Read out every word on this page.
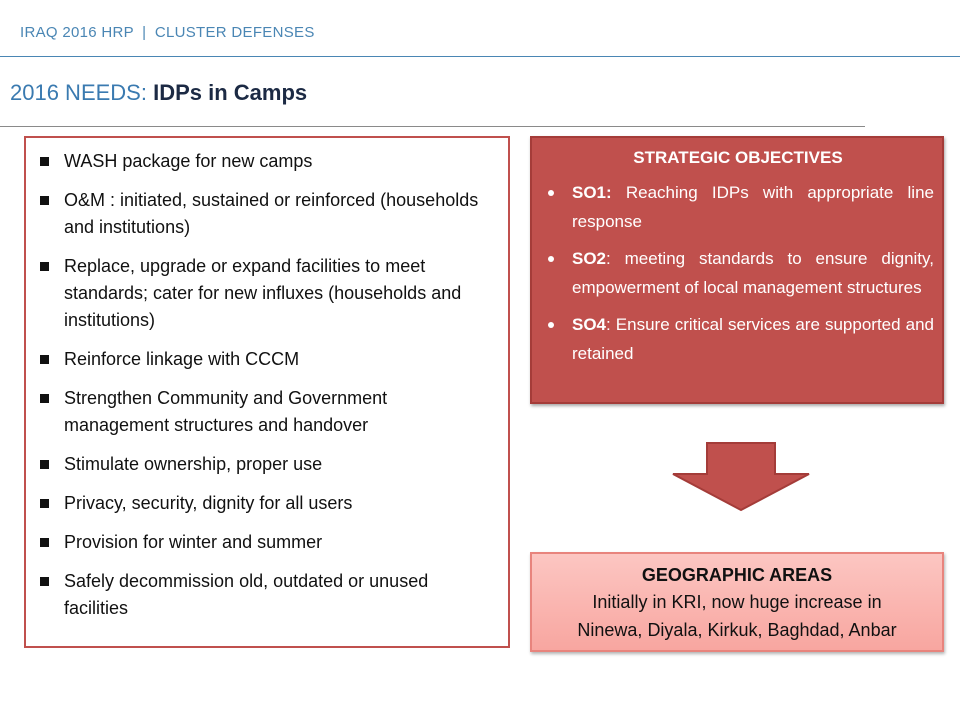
IRAQ 2016 HRP | CLUSTER DEFENSES
2016 NEEDS: IDPs in Camps
WASH package for new camps
O&M : initiated, sustained or reinforced (households and institutions)
Replace, upgrade or expand facilities to meet standards; cater for new influxes (households and institutions)
Reinforce linkage with CCCM
Strengthen Community and Government management structures and handover
Stimulate ownership, proper use
Privacy, security, dignity for all users
Provision for winter and summer
Safely decommission old, outdated or unused facilities
STRATEGIC OBJECTIVES
SO1: Reaching IDPs with appropriate line response
SO2: meeting standards to ensure dignity, empowerment of local management structures
SO4: Ensure critical services are supported and retained
GEOGRAPHIC AREAS
Initially in KRI, now huge increase in
Ninewa, Diyala, Kirkuk, Baghdad, Anbar
